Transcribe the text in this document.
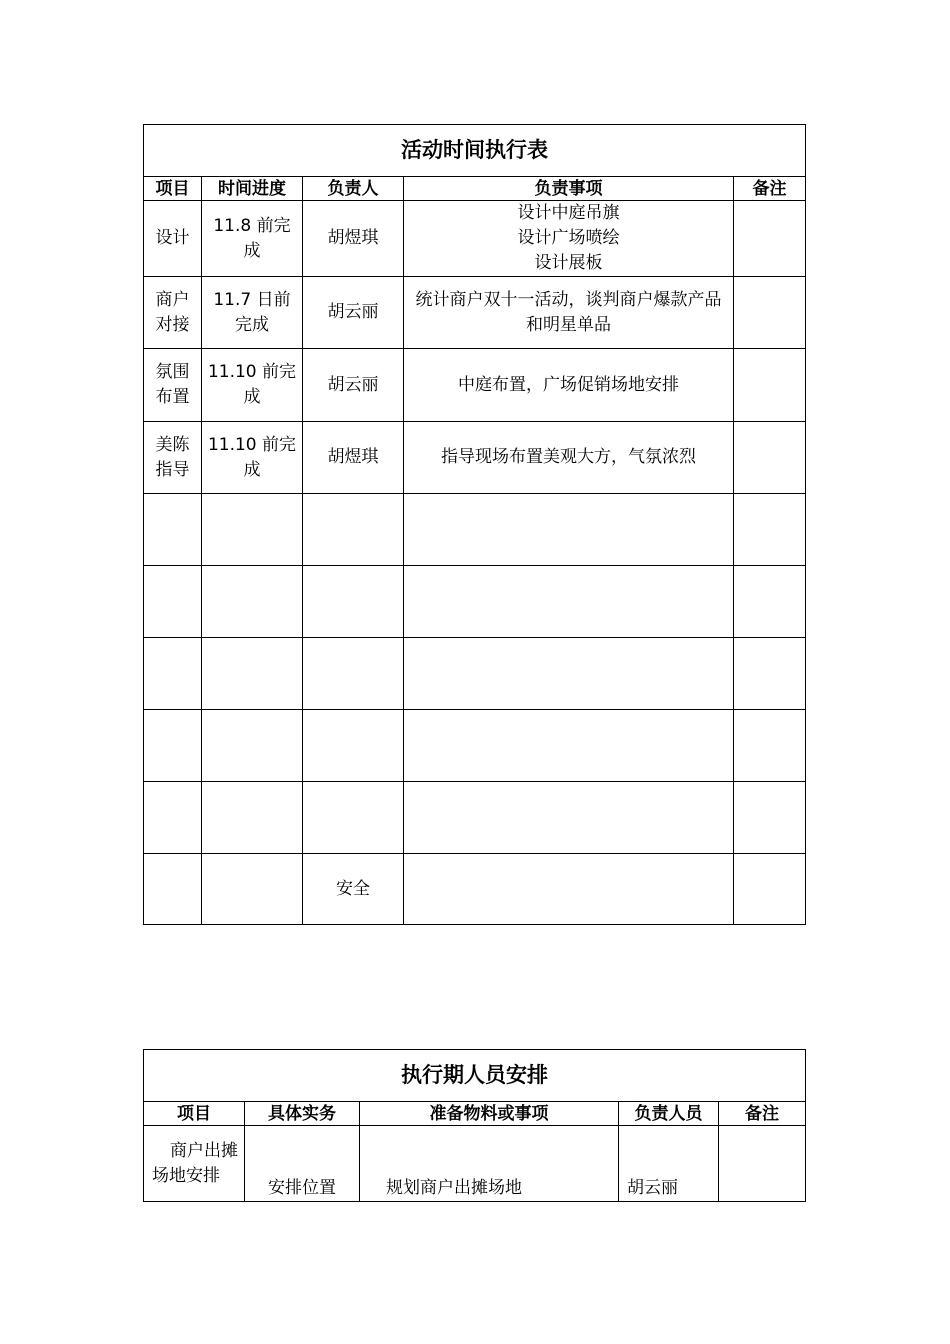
活动时间执行表				
项目	时间进度	负责人	负责事项	备注
设计	11.8 前完成	胡煜琪	设计中庭吊旗
设计广场喷绘
设计展板	

商户对接	11.7 日前完成	胡云丽	统计商户双十一活动，谈判商户爆款产品和明星单品	
氛围布置	11.10 前完成	胡云丽	中庭布置，广场促销场地安排	
美陈指导	11.10 前完成	胡煜琪	指导现场布置美观大方，气氛浓烈	

		安全		
执行期人员安排				
项目	具体实务	准备物料或事项	负责人员	备注
商户出摊场地安排	安排位置	规划商户出摊场地	胡云丽	
